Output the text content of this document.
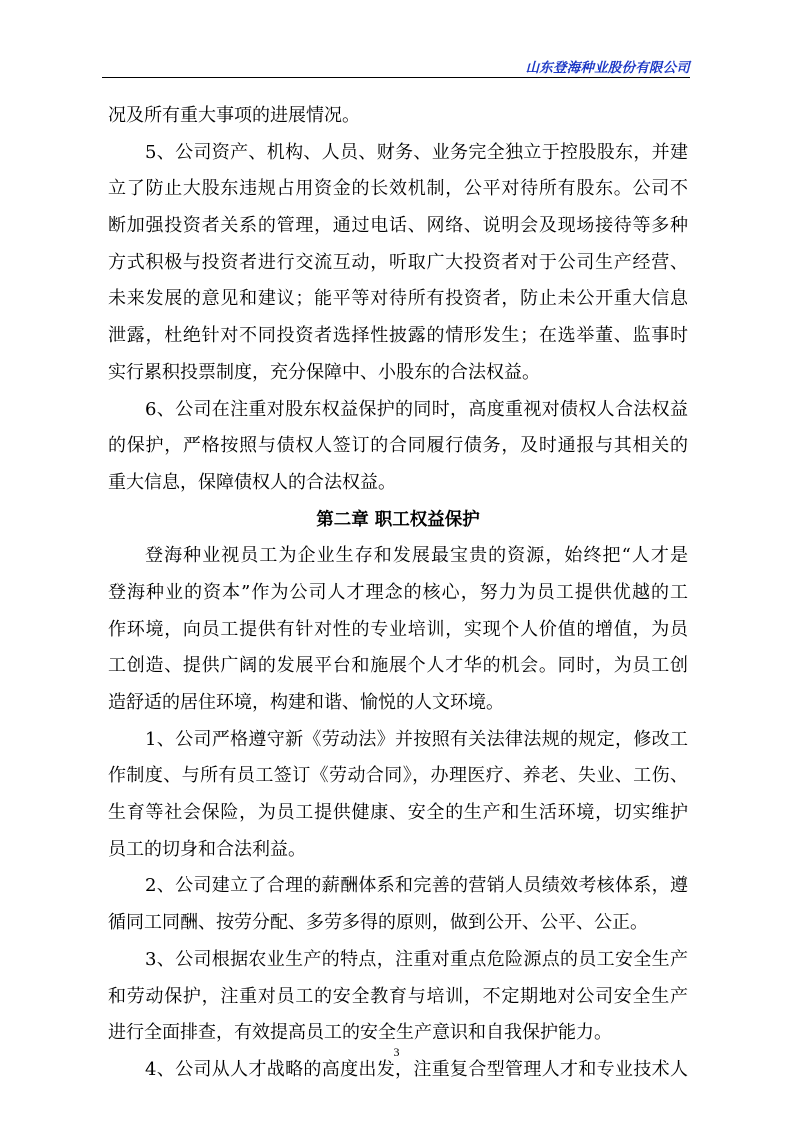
山东登海种业股份有限公司
况及所有重大事项的进展情况。
5、公司资产、机构、人员、财务、业务完全独立于控股股东，并建
立了防止大股东违规占用资金的长效机制，公平对待所有股东。公司不
断加强投资者关系的管理，通过电话、网络、说明会及现场接待等多种
方式积极与投资者进行交流互动，听取广大投资者对于公司生产经营、
未来发展的意见和建议；能平等对待所有投资者，防止未公开重大信息
泄露，杜绝针对不同投资者选择性披露的情形发生；在选举董、监事时
实行累积投票制度，充分保障中、小股东的合法权益。
6、公司在注重对股东权益保护的同时，高度重视对债权人合法权益
的保护，严格按照与债权人签订的合同履行债务，及时通报与其相关的
重大信息，保障债权人的合法权益。
第二章 职工权益保护
登海种业视员工为企业生存和发展最宝贵的资源，始终把“人才是
登海种业的资本”作为公司人才理念的核心，努力为员工提供优越的工
作环境，向员工提供有针对性的专业培训，实现个人价值的增值，为员
工创造、提供广阔的发展平台和施展个人才华的机会。同时，为员工创
造舒适的居住环境，构建和谐、愉悦的人文环境。
1、公司严格遵守新《劳动法》并按照有关法律法规的规定，修改工
作制度、与所有员工签订《劳动合同》，办理医疗、养老、失业、工伤、
生育等社会保险，为员工提供健康、安全的生产和生活环境，切实维护
员工的切身和合法利益。
2、公司建立了合理的薪酬体系和完善的营销人员绩效考核体系，遵
循同工同酬、按劳分配、多劳多得的原则，做到公开、公平、公正。
3、公司根据农业生产的特点，注重对重点危险源点的员工安全生产
和劳动保护，注重对员工的安全教育与培训，不定期地对公司安全生产
进行全面排查，有效提高员工的安全生产意识和自我保护能力。
4、公司从人才战略的高度出发，注重复合型管理人才和专业技术人
3
